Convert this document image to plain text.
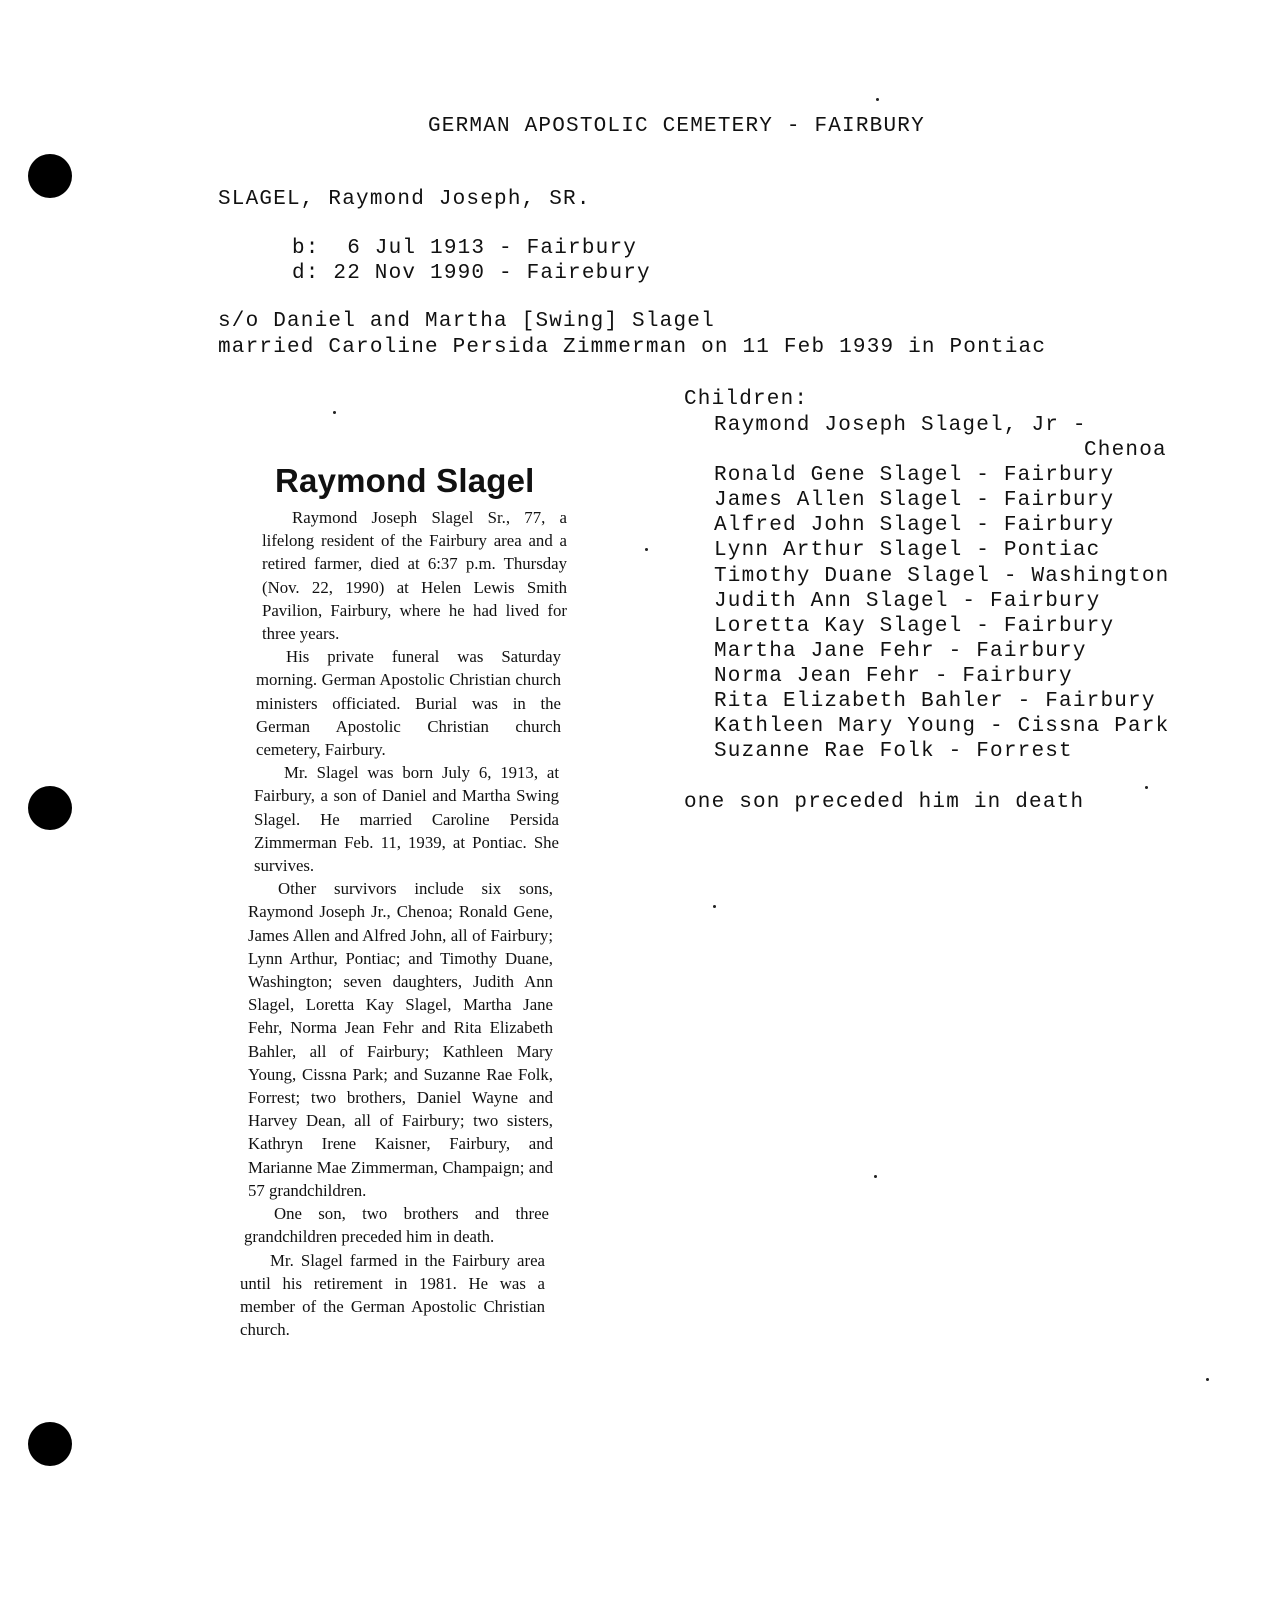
GERMAN APOSTOLIC CEMETERY - FAIRBURY
SLAGEL, Raymond Joseph, SR.
b:  6 Jul 1913 - Fairbury
d: 22 Nov 1990 - Fairebury
s/o Daniel and Martha [Swing] Slagel
married Caroline Persida Zimmerman on 11 Feb 1939 in Pontiac
Children:
Raymond Joseph Slagel, Jr -
Chenoa
Ronald Gene Slagel - Fairbury
James Allen Slagel - Fairbury
Alfred John Slagel - Fairbury
Lynn Arthur Slagel - Pontiac
Timothy Duane Slagel - Washington
Judith Ann Slagel - Fairbury
Loretta Kay Slagel - Fairbury
Martha Jane Fehr - Fairbury
Norma Jean Fehr - Fairbury
Rita Elizabeth Bahler - Fairbury
Kathleen Mary Young - Cissna Park
Suzanne Rae Folk - Forrest
one son preceded him in death
Raymond Slagel

Raymond Joseph Slagel Sr., 77, a lifelong resident of the Fairbury area and a retired farmer, died at 6:37 p.m. Thursday (Nov. 22, 1990) at Helen Lewis Smith Pavilion, Fairbury, where he had lived for three years.

His private funeral was Saturday morning. German Apostolic Christian church ministers officiated. Burial was in the German Apostolic Christian church cemetery, Fairbury.

Mr. Slagel was born July 6, 1913, at Fairbury, a son of Daniel and Martha Swing Slagel. He married Caroline Persida Zimmerman Feb. 11, 1939, at Pontiac. She survives.

Other survivors include six sons, Raymond Joseph Jr., Chenoa; Ronald Gene, James Allen and Alfred John, all of Fairbury; Lynn Arthur, Pontiac; and Timothy Duane, Washington; seven daughters, Judith Ann Slagel, Loretta Kay Slagel, Martha Jane Fehr, Norma Jean Fehr and Rita Elizabeth Bahler, all of Fairbury; Kathleen Mary Young, Cissna Park; and Suzanne Rae Folk, Forrest; two brothers, Daniel Wayne and Harvey Dean, all of Fairbury; two sisters, Kathryn Irene Kaisner, Fairbury, and Marianne Mae Zimmerman, Champaign; and 57 grandchildren.

One son, two brothers and three grandchildren preceded him in death.

Mr. Slagel farmed in the Fairbury area until his retirement in 1981. He was a member of the German Apostolic Christian church.
